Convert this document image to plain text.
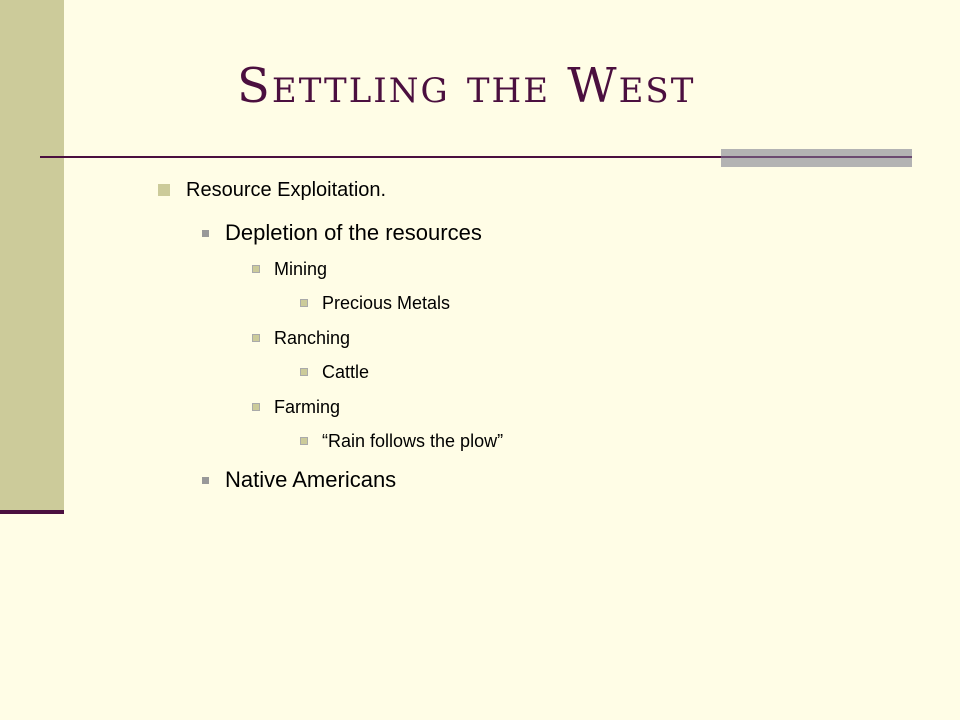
Settling the West
Resource Exploitation.
Depletion of the resources
Mining
Precious Metals
Ranching
Cattle
Farming
“Rain follows the plow”
Native Americans
